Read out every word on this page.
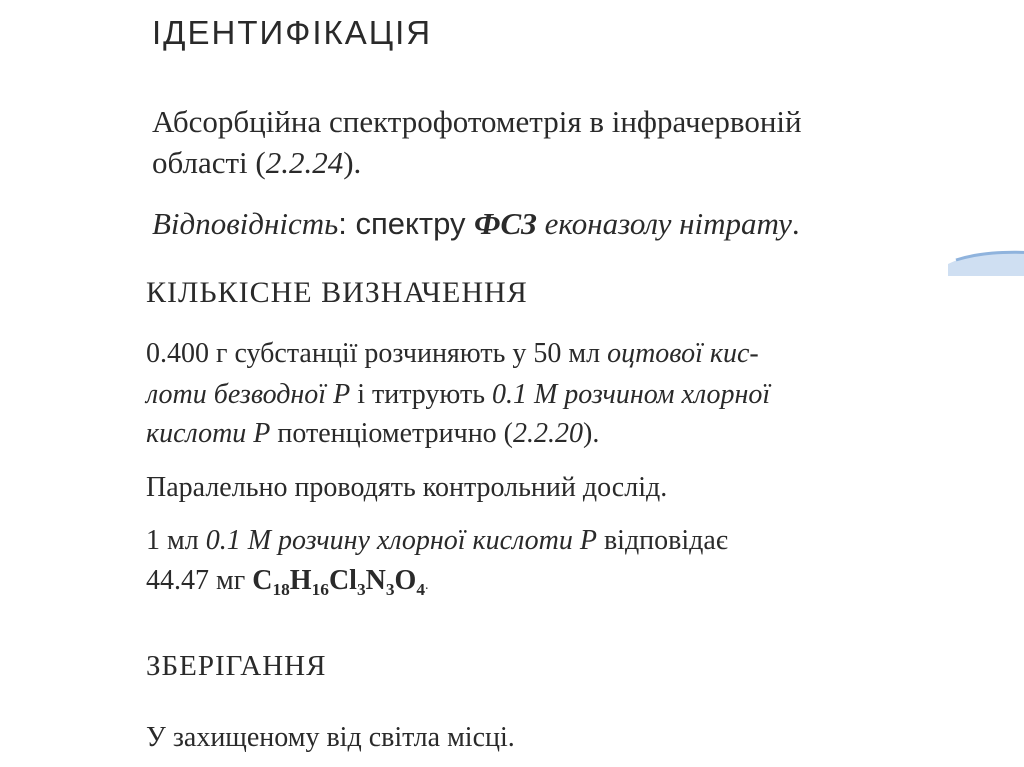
ІДЕНТИФІКАЦІЯ

Абсорбційна спектрофотометрія в інфрачервоній

області (2.2.24).

Відповідність: спектру ФСЗ еконазолу нітрату.

КІЛЬКІСНЕ ВИЗНАЧЕННЯ

0.400 г субстанції розчиняють у 50 мл оцтової кис-

лоти безводної Р і титрують 0.1 М розчином хлорної

кислоти Р потенціометрично (2.2.20).

Паралельно проводять контрольний дослід.

1 мл 0.1 М розчину хлорної кислоти Р відповідає

44.47 мг $C_{18}H_{16}Cl_3N_3O_4$.

ЗБЕРІГАННЯ

У захищеному від світла місці.
